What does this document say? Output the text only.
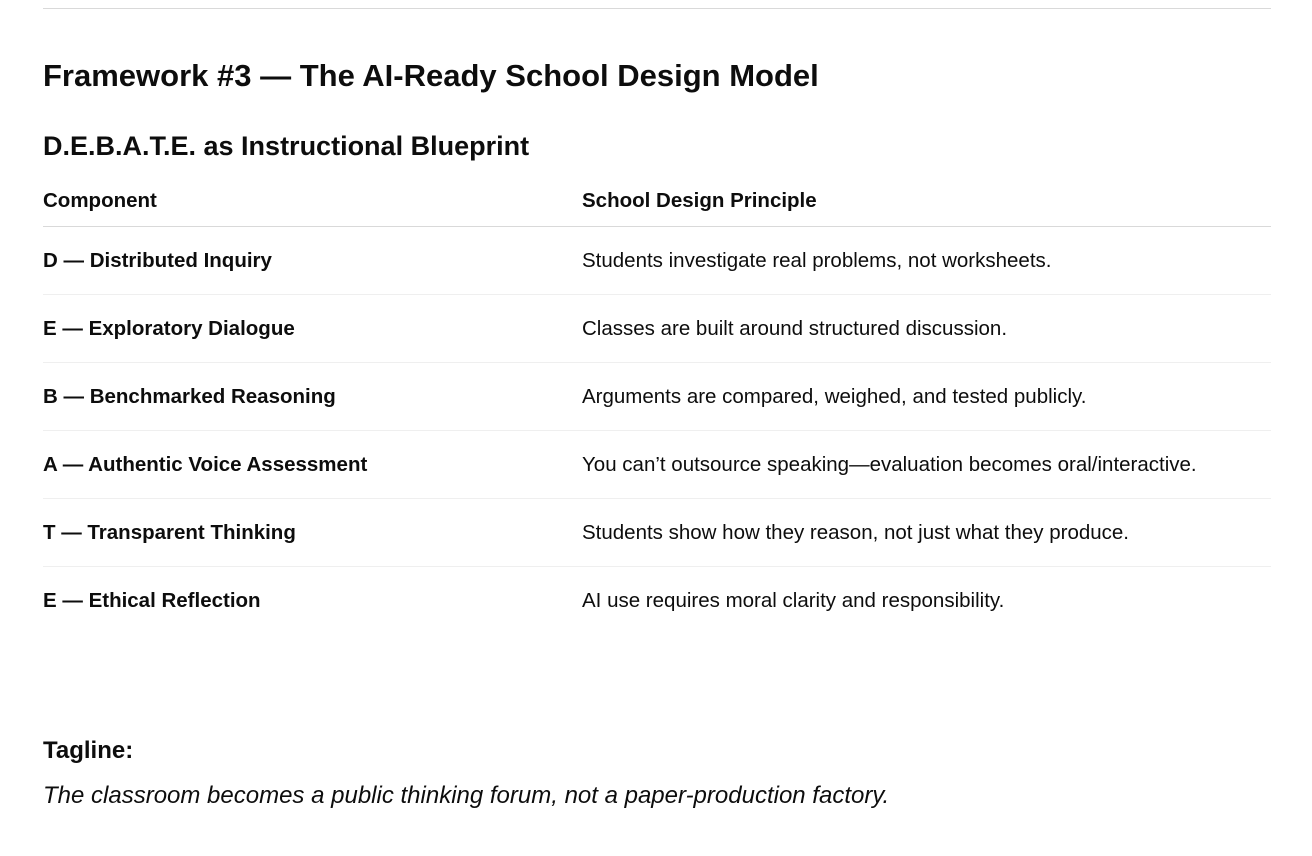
Framework #3 — The AI-Ready School Design Model
D.E.B.A.T.E. as Instructional Blueprint
Component	School Design Principle
D — Distributed Inquiry	Students investigate real problems, not worksheets.
E — Exploratory Dialogue	Classes are built around structured discussion.
B — Benchmarked Reasoning	Arguments are compared, weighed, and tested publicly.
A — Authentic Voice Assessment	You can’t outsource speaking—evaluation becomes oral/interactive.
T — Transparent Thinking	Students show how they reason, not just what they produce.
E — Ethical Reflection	AI use requires moral clarity and responsibility.

Tagline:

The classroom becomes a public thinking forum, not a paper-production factory.
